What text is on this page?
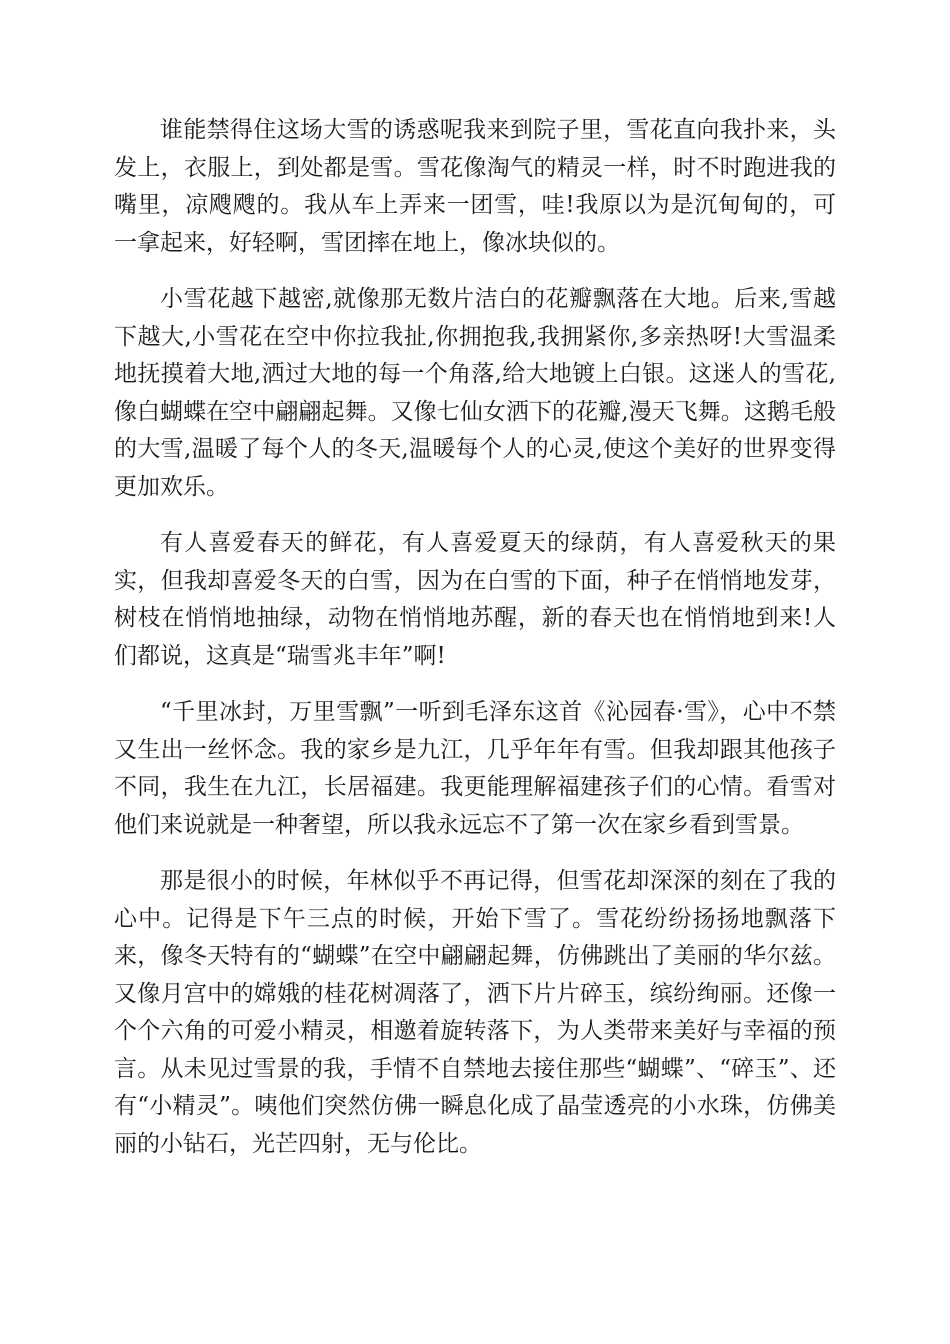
谁能禁得住这场大雪的诱惑呢我来到院子里，雪花直向我扑来，头发上，衣服上，到处都是雪。雪花像淘气的精灵一样，时不时跑进我的嘴里，凉飕飕的。我从车上弄来一团雪，哇!我原以为是沉甸甸的，可一拿起来，好轻啊，雪团摔在地上，像冰块似的。

小雪花越下越密,就像那无数片洁白的花瓣飘落在大地。后来,雪越下越大,小雪花在空中你拉我扯,你拥抱我,我拥紧你,多亲热呀!大雪温柔地抚摸着大地,洒过大地的每一个角落,给大地镀上白银。这迷人的雪花,像白蝴蝶在空中翩翩起舞。又像七仙女洒下的花瓣,漫天飞舞。这鹅毛般的大雪,温暖了每个人的冬天,温暖每个人的心灵,使这个美好的世界变得更加欢乐。

有人喜爱春天的鲜花，有人喜爱夏天的绿荫，有人喜爱秋天的果实，但我却喜爱冬天的白雪，因为在白雪的下面，种子在悄悄地发芽，树枝在悄悄地抽绿，动物在悄悄地苏醒，新的春天也在悄悄地到来!人们都说，这真是“瑞雪兆丰年”啊!

“千里冰封，万里雪飘”一听到毛泽东这首《沁园春·雪》，心中不禁又生出一丝怀念。我的家乡是九江，几乎年年有雪。但我却跟其他孩子不同，我生在九江，长居福建。我更能理解福建孩子们的心情。看雪对他们来说就是一种奢望，所以我永远忘不了第一次在家乡看到雪景。

那是很小的时候，年林似乎不再记得，但雪花却深深的刻在了我的心中。记得是下午三点的时候，开始下雪了。雪花纷纷扬扬地飘落下来，像冬天特有的“蝴蝶”在空中翩翩起舞，仿佛跳出了美丽的华尔兹。又像月宫中的嫦娥的桂花树凋落了，洒下片片碎玉，缤纷绚丽。还像一个个六角的可爱小精灵，相邀着旋转落下，为人类带来美好与幸福的预言。从未见过雪景的我，手情不自禁地去接住那些“蝴蝶”、“碎玉”、还有“小精灵”。咦他们突然仿佛一瞬息化成了晶莹透亮的小水珠，仿佛美丽的小钻石，光芒四射，无与伦比。
